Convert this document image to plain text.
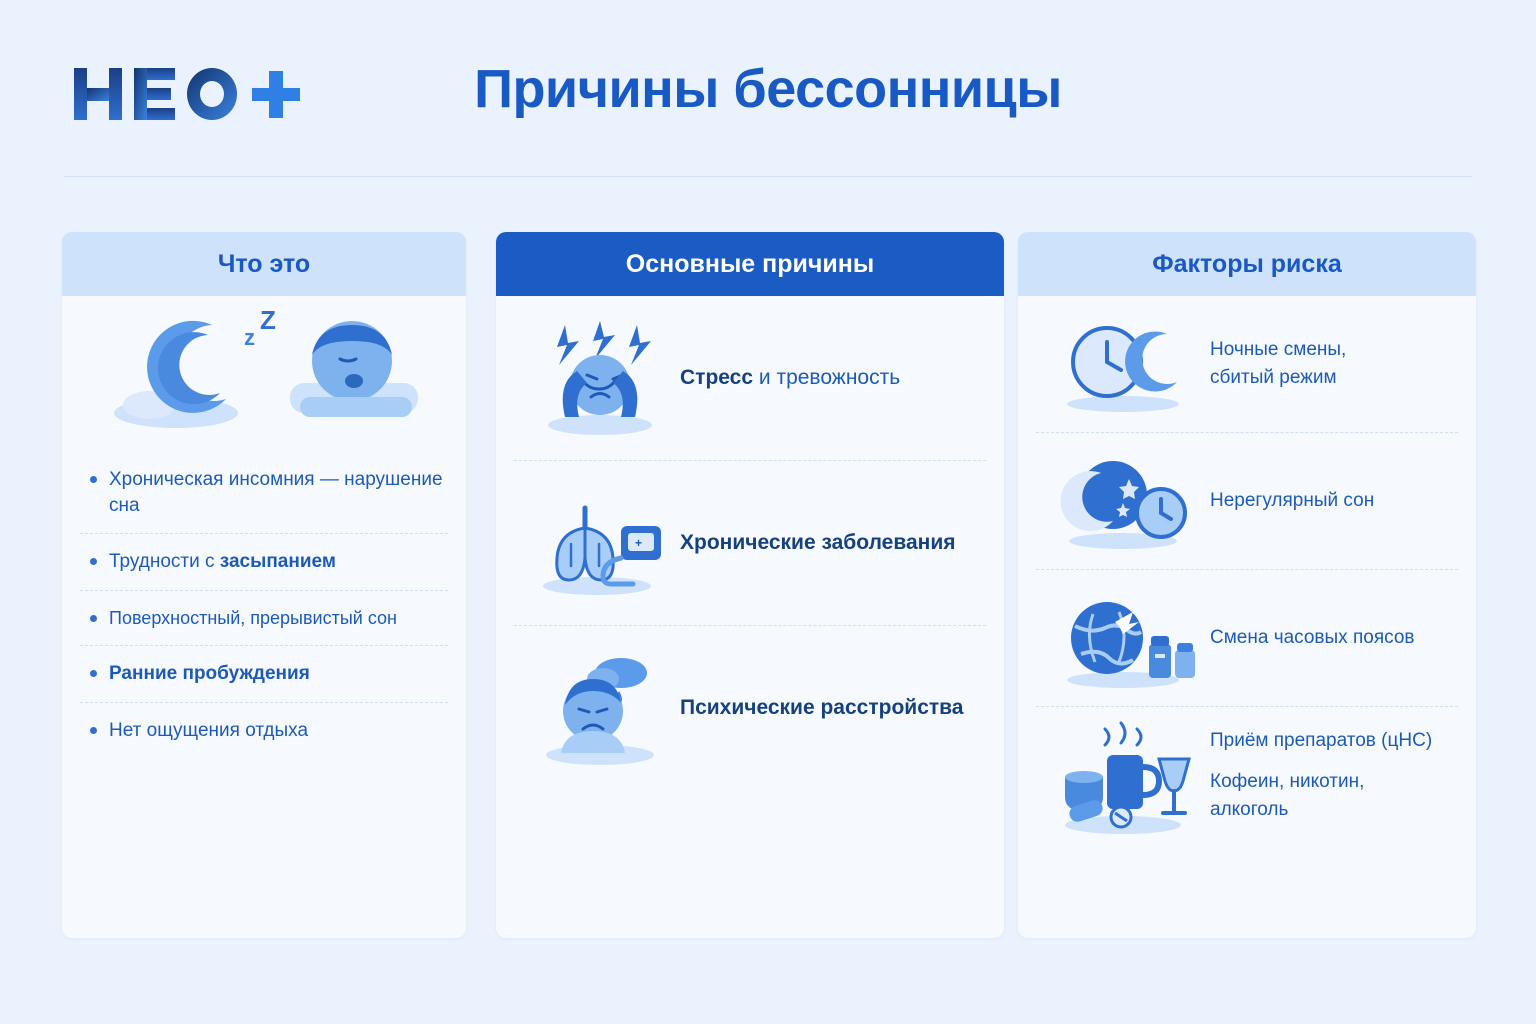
Причины бессонницы
Что это
z
Z
Хроническая инсомния — нарушение сна
Трудности с засыпанием
Поверхностный, прерывистый сон
Ранние пробуждения
Нет ощущения отдыха
Основные причины
Стресс и тревожность
+ Хронические заболевания
Психические расстройства
Факторы риска
Ночные смены,
сбитый режим
Нерегулярный сон
Смена часовых поясов
Приём препаратов (цНС)
Кофеин, никотин,
алкоголь
